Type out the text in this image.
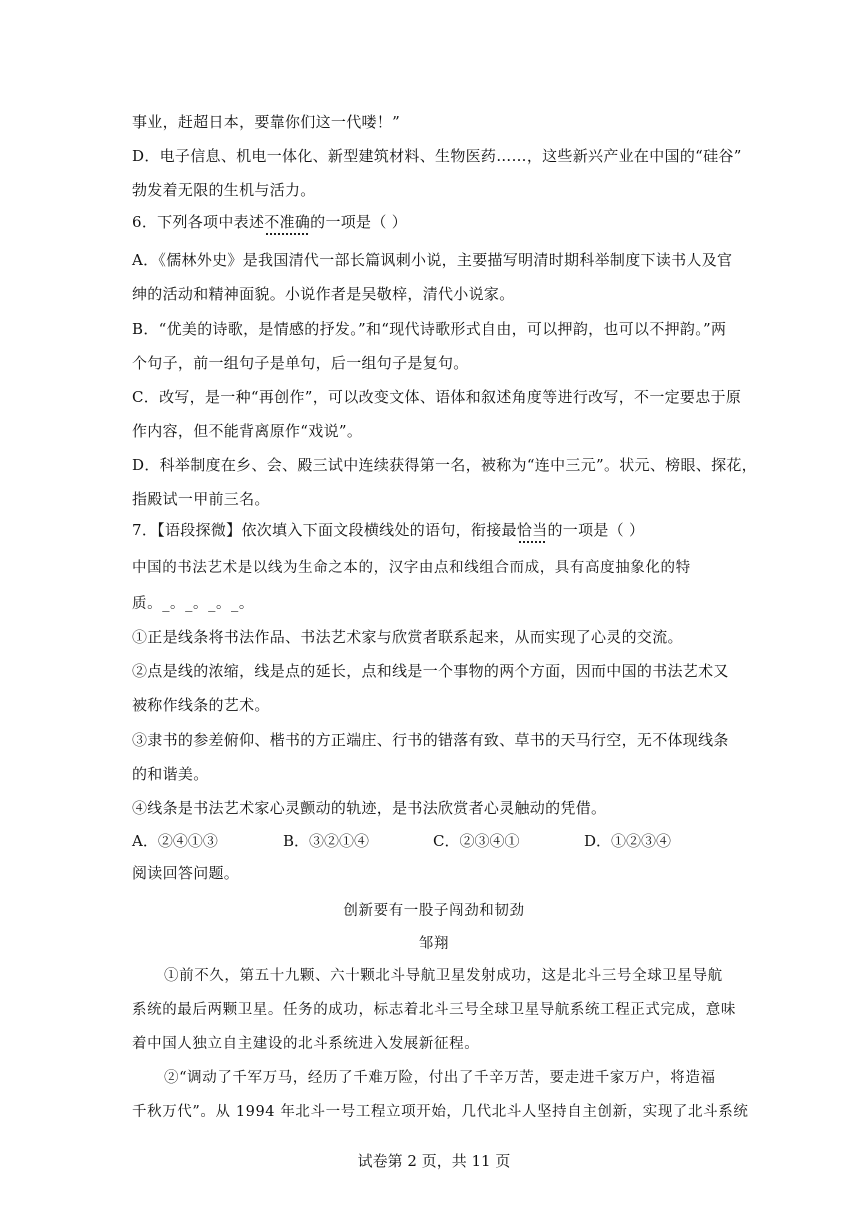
事业，赶超日本，要靠你们这一代喽！”
D．电子信息、机电一体化、新型建筑材料、生物医药……，这些新兴产业在中国的“硅谷”
勃发着无限的生机与活力。
6．下列各项中表述不准确的一项是（ ）
A．《儒林外史》是我国清代一部长篇讽刺小说，主要描写明清时期科举制度下读书人及官
绅的活动和精神面貌。小说作者是吴敬梓，清代小说家。
B．“优美的诗歌，是情感的抒发。”和“现代诗歌形式自由，可以押韵，也可以不押韵。”两
个句子，前一组句子是单句，后一组句子是复句。
C．改写，是一种“再创作”，可以改变文体、语体和叙述角度等进行改写，不一定要忠于原
作内容，但不能背离原作“戏说”。
D．科举制度在乡、会、殿三试中连续获得第一名，被称为“连中三元”。状元、榜眼、探花，
指殿试一甲前三名。
7．【语段探微】依次填入下面文段横线处的语句，衔接最恰当的一项是（ ）
中国的书法艺术是以线为生命之本的，汉字由点和线组合而成，具有高度抽象化的特
质。_。_。_。_。
①正是线条将书法作品、书法艺术家与欣赏者联系起来，从而实现了心灵的交流。
②点是线的浓缩，线是点的延长，点和线是一个事物的两个方面，因而中国的书法艺术又
被称作线条的艺术。
③隶书的参差俯仰、楷书的方正端庄、行书的错落有致、草书的天马行空，无不体现线条
的和谐美。
④线条是书法艺术家心灵颤动的轨迹，是书法欣赏者心灵触动的凭借。
A．②④①③	B．③②①④	C．②③④①	D．①②③④
阅读回答问题。
创新要有一股子闯劲和韧劲
邹翔
①前不久，第五十九颗、六十颗北斗导航卫星发射成功，这是北斗三号全球卫星导航
系统的最后两颗卫星。任务的成功，标志着北斗三号全球卫星导航系统工程正式完成，意味
着中国人独立自主建设的北斗系统进入发展新征程。
②“调动了千军万马，经历了千难万险，付出了千辛万苦，要走进千家万户，将造福
千秋万代”。从 1994 年北斗一号工程立项开始，几代北斗人坚持自主创新，实现了北斗系统
试卷第 2 页，共 11 页
